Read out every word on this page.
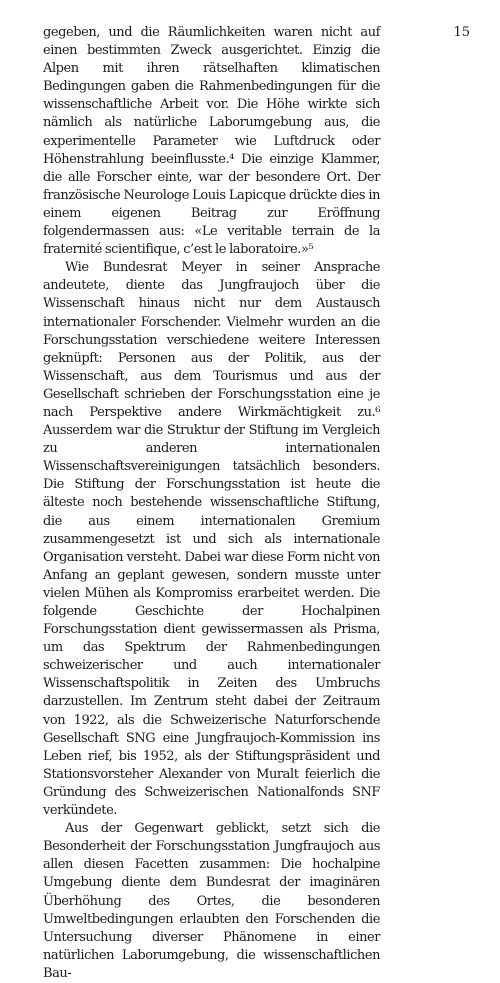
15

gegeben, und die Räumlichkeiten waren nicht auf einen bestimmten Zweck ausgerichtet. Einzig die Alpen mit ihren rätselhaften klimatischen Bedingungen gaben die Rahmenbedingungen für die wissenschaftliche Arbeit vor. Die Höhe wirkte sich nämlich als natürliche Laborumgebung aus, die experimentelle Parameter wie Luftdruck oder Höhenstrahlung beeinflusste.⁴ Die einzige Klammer, die alle Forscher einte, war der besondere Ort. Der französische Neurologe Louis Lapicque drückte dies in einem eigenen Beitrag zur Eröffnung folgendermassen aus: «Le veritable terrain de la fraternité scientifique, c’est le laboratoire.»⁵

Wie Bundesrat Meyer in seiner Ansprache andeutete, diente das Jungfraujoch über die Wissenschaft hinaus nicht nur dem Austausch internationaler Forschender. Vielmehr wurden an die Forschungsstation verschiedene weitere Interessen geknüpft: Personen aus der Politik, aus der Wissenschaft, aus dem Tourismus und aus der Gesellschaft schrieben der Forschungsstation eine je nach Perspektive andere Wirkmächtigkeit zu.⁶ Ausserdem war die Struktur der Stiftung im Vergleich zu anderen internationalen Wissenschaftsvereinigungen tatsächlich besonders. Die Stiftung der Forschungsstation ist heute die älteste noch bestehende wissenschaftliche Stiftung, die aus einem internationalen Gremium zusammengesetzt ist und sich als internationale Organisation versteht. Dabei war diese Form nicht von Anfang an geplant gewesen, sondern musste unter vielen Mühen als Kompromiss erarbeitet werden. Die folgende Geschichte der Hochalpinen Forschungsstation dient gewissermassen als Prisma, um das Spektrum der Rahmenbedingungen schweizerischer und auch internationaler Wissenschaftspolitik in Zeiten des Umbruchs darzustellen. Im Zentrum steht dabei der Zeitraum von 1922, als die Schweizerische Naturforschende Gesellschaft SNG eine Jungfraujoch-Kommission ins Leben rief, bis 1952, als der Stiftungspräsident und Stationsvorsteher Alexander von Muralt feierlich die Gründung des Schweizerischen Nationalfonds SNF verkündete.

Aus der Gegenwart geblickt, setzt sich die Besonderheit der Forschungsstation Jungfraujoch aus allen diesen Facetten zusammen: Die hochalpine Umgebung diente dem Bundesrat der imaginären Überhöhung des Ortes, die besonderen Umweltbedingungen erlaubten den Forschenden die Untersuchung diverser Phänomene in einer natürlichen Laborumgebung, die wissenschaftlichen Bau-
